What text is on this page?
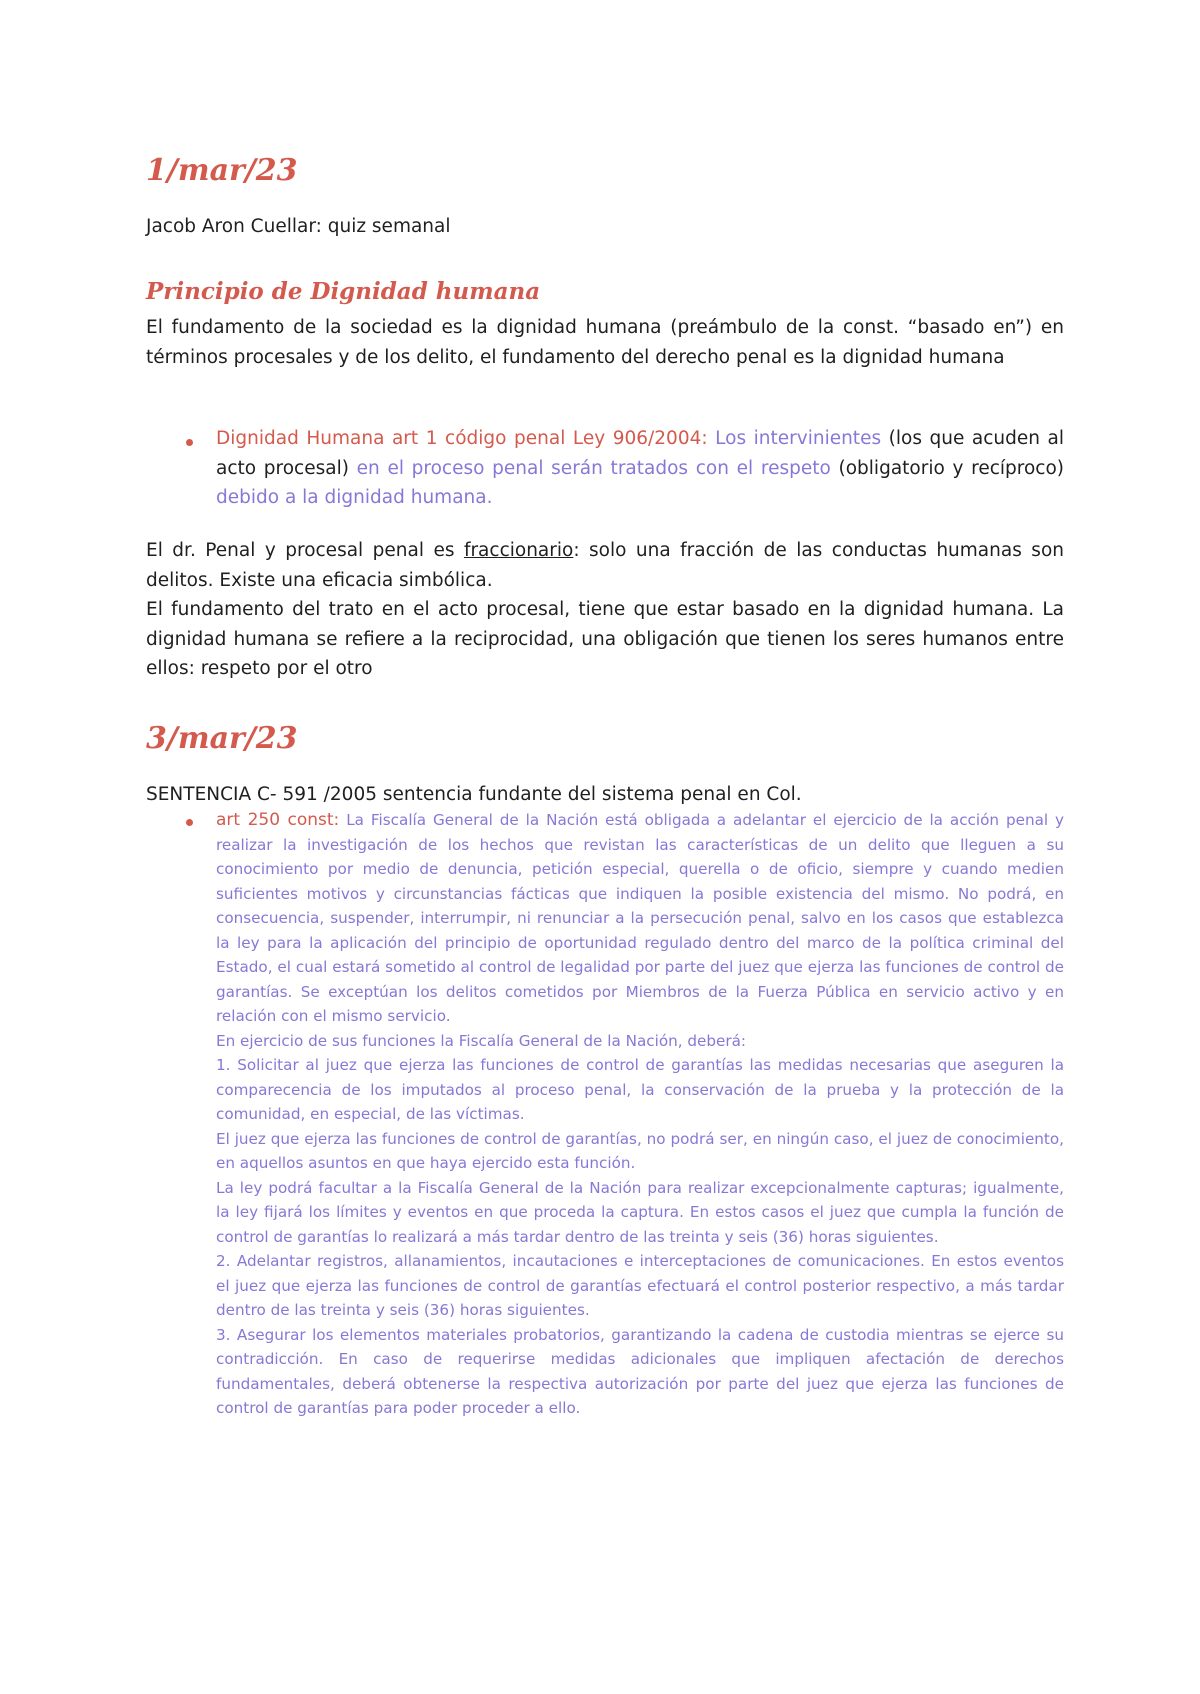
1/mar/23

Jacob Aron Cuellar: quiz semanal

Principio de Dignidad humana

El fundamento de la sociedad es la dignidad humana (preámbulo de la const. “basado en”) en términos procesales y de los delito, el fundamento del derecho penal es la dignidad humana

Dignidad Humana art 1 código penal Ley 906/2004: Los intervinientes (los que acuden al acto procesal) en el proceso penal serán tratados con el respeto (obligatorio y recíproco) debido a la dignidad humana.

El dr. Penal y procesal penal es fraccionario: solo una fracción de las conductas humanas son delitos. Existe una eficacia simbólica.

El fundamento del trato en el acto procesal, tiene que estar basado en la dignidad humana. La dignidad humana se refiere a la reciprocidad, una obligación que tienen los seres humanos entre ellos: respeto por el otro

3/mar/23

SENTENCIA C- 591 /2005 sentencia fundante del sistema penal en Col.

art 250 const: La Fiscalía General de la Nación está obligada a adelantar el ejercicio de la acción penal y realizar la investigación de los hechos que revistan las características de un delito que lleguen a su conocimiento por medio de denuncia, petición especial, querella o de oficio, siempre y cuando medien suficientes motivos y circunstancias fácticas que indiquen la posible existencia del mismo. No podrá, en consecuencia, suspender, interrumpir, ni renunciar a la persecución penal, salvo en los casos que establezca la ley para la aplicación del principio de oportunidad regulado dentro del marco de la política criminal del Estado, el cual estará sometido al control de legalidad por parte del juez que ejerza las funciones de control de garantías. Se exceptúan los delitos cometidos por Miembros de la Fuerza Pública en servicio activo y en relación con el mismo servicio.

En ejercicio de sus funciones la Fiscalía General de la Nación, deberá:

1. Solicitar al juez que ejerza las funciones de control de garantías las medidas necesarias que aseguren la comparecencia de los imputados al proceso penal, la conservación de la prueba y la protección de la comunidad, en especial, de las víctimas.

El juez que ejerza las funciones de control de garantías, no podrá ser, en ningún caso, el juez de conocimiento, en aquellos asuntos en que haya ejercido esta función.

La ley podrá facultar a la Fiscalía General de la Nación para realizar excepcionalmente capturas; igualmente, la ley fijará los límites y eventos en que proceda la captura. En estos casos el juez que cumpla la función de control de garantías lo realizará a más tardar dentro de las treinta y seis (36) horas siguientes.

2. Adelantar registros, allanamientos, incautaciones e interceptaciones de comunicaciones. En estos eventos el juez que ejerza las funciones de control de garantías efectuará el control posterior respectivo, a más tardar dentro de las treinta y seis (36) horas siguientes.

3. Asegurar los elementos materiales probatorios, garantizando la cadena de custodia mientras se ejerce su contradicción. En caso de requerirse medidas adicionales que impliquen afectación de derechos fundamentales, deberá obtenerse la respectiva autorización por parte del juez que ejerza las funciones de control de garantías para poder proceder a ello.
